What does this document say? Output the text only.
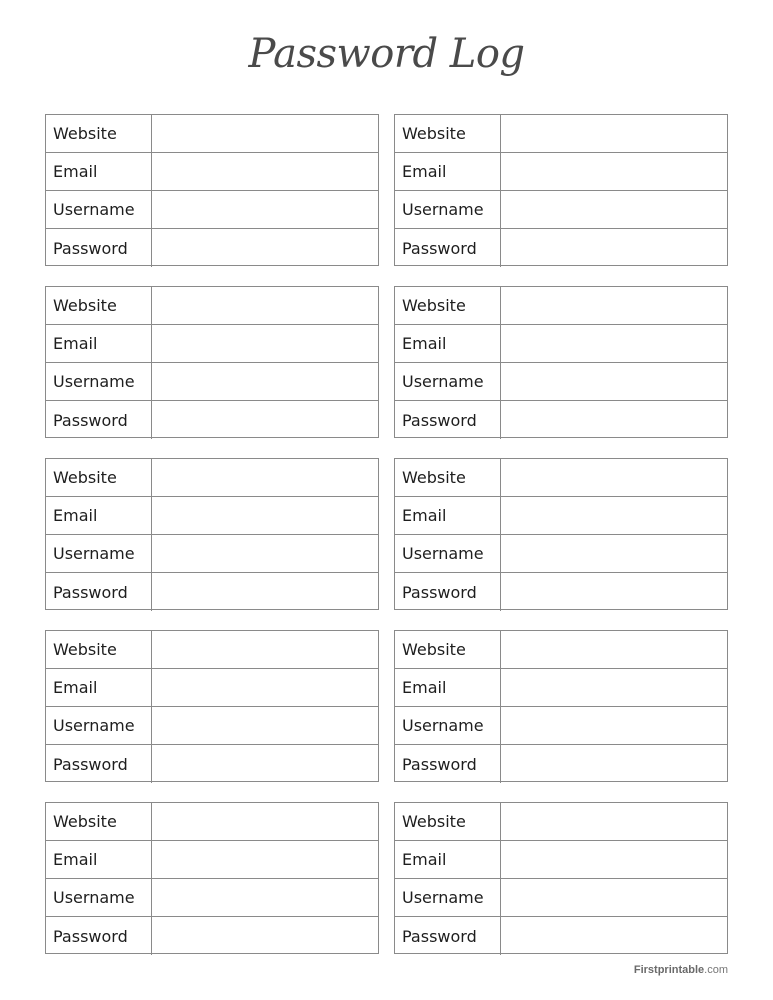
Password Log
Website
Email
Username
Password
Website
Email
Username
Password
Website
Email
Username
Password
Website
Email
Username
Password
Website
Email
Username
Password
Website
Email
Username
Password
Website
Email
Username
Password
Website
Email
Username
Password
Website
Email
Username
Password
Website
Email
Username
Password
Firstprintable.com
